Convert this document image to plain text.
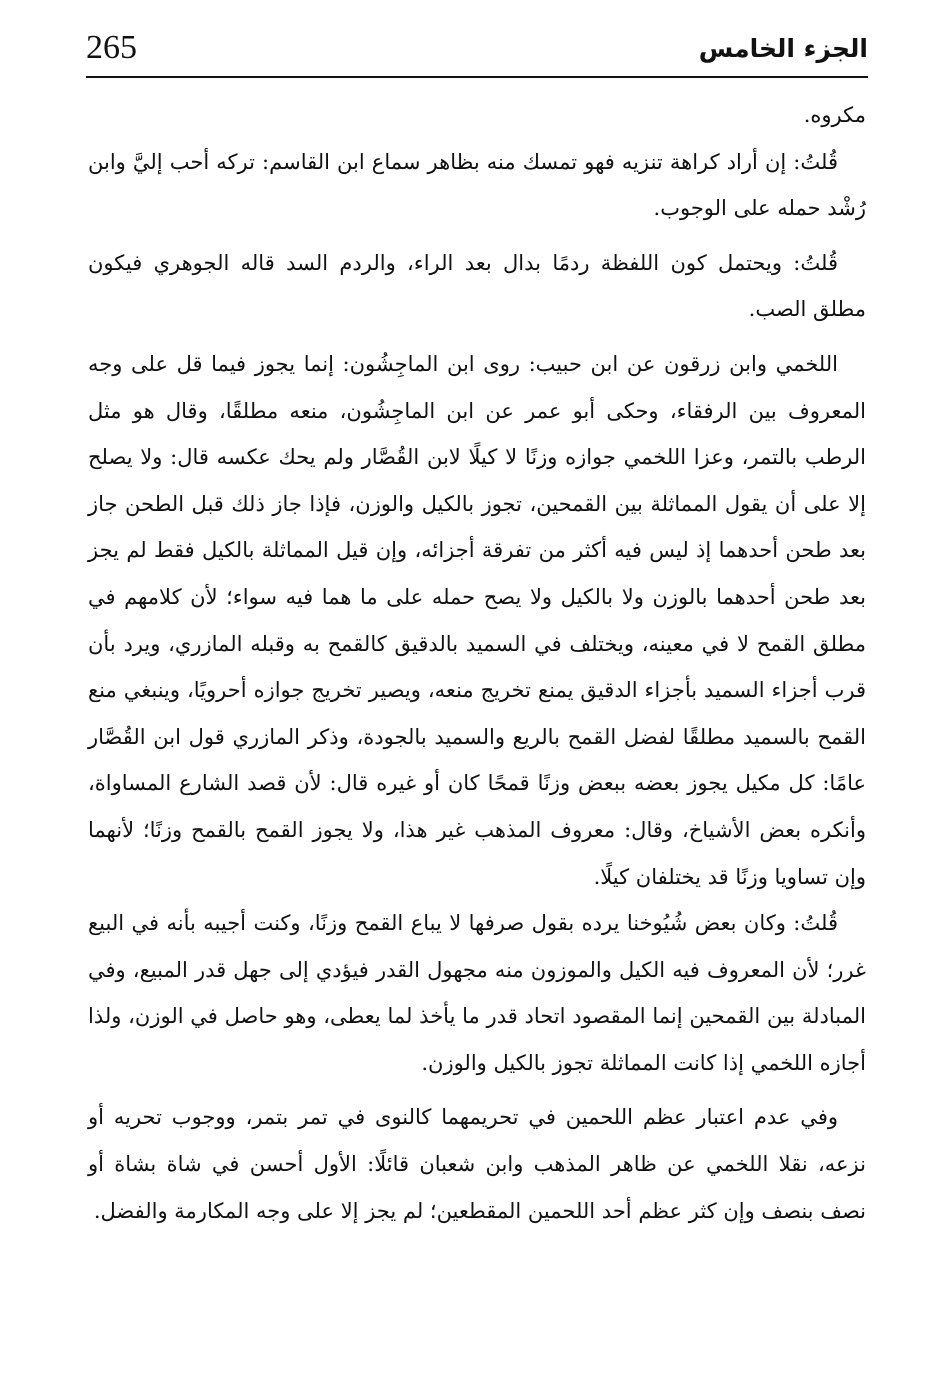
265	الجزء الخامس

مكروه.

قُلتُ: إن أراد كراهة تنزيه فهو تمسك منه بظاهر سماع ابن القاسم: تركه أحب إليَّ وابن رُشْد حمله على الوجوب.

قُلتُ: ويحتمل كون اللفظة ردمًا بدال بعد الراء، والردم السد قاله الجوهري فيكون مطلق الصب.

اللخمي وابن زرقون عن ابن حبيب: روى ابن الماجِشُون: إنما يجوز فيما قل على وجه المعروف بين الرفقاء، وحكى أبو عمر عن ابن الماجِشُون، منعه مطلقًا، وقال هو مثل الرطب بالتمر، وعزا اللخمي جوازه وزنًا لا كيلًا لابن القُصَّار ولم يحك عكسه قال: ولا يصلح إلا على أن يقول المماثلة بين القمحين، تجوز بالكيل والوزن، فإذا جاز ذلك قبل الطحن جاز بعد طحن أحدهما إذ ليس فيه أكثر من تفرقة أجزائه، وإن قيل المماثلة بالكيل فقط لم يجز بعد طحن أحدهما بالوزن ولا بالكيل ولا يصح حمله على ما هما فيه سواء؛ لأن كلامهم في مطلق القمح لا في معينه، ويختلف في السميد بالدقيق كالقمح به وقبله المازري، ويرد بأن قرب أجزاء السميد بأجزاء الدقيق يمنع تخريج منعه، ويصير تخريج جوازه أحرويًا، وينبغي منع القمح بالسميد مطلقًا لفضل القمح بالريع والسميد بالجودة، وذكر المازري قول ابن القُصَّار عامًا: كل مكيل يجوز بعضه ببعض وزنًا قمحًا كان أو غيره قال: لأن قصد الشارع المساواة، وأنكره بعض الأشياخ، وقال: معروف المذهب غير هذا، ولا يجوز القمح بالقمح وزنًا؛ لأنهما وإن تساويا وزنًا قد يختلفان كيلًا.

قُلتُ: وكان بعض شُيُوخنا يرده بقول صرفها لا يباع القمح وزنًا، وكنت أجيبه بأنه في البيع غرر؛ لأن المعروف فيه الكيل والموزون منه مجهول القدر فيؤدي إلى جهل قدر المبيع، وفي المبادلة بين القمحين إنما المقصود اتحاد قدر ما يأخذ لما يعطى، وهو حاصل في الوزن، ولذا أجازه اللخمي إذا كانت المماثلة تجوز بالكيل والوزن.

وفي عدم اعتبار عظم اللحمين في تحريمهما كالنوى في تمر بتمر، ووجوب تحريه أو نزعه، نقلا اللخمي عن ظاهر المذهب وابن شعبان قائلًا: الأول أحسن في شاة بشاة أو نصف بنصف وإن كثر عظم أحد اللحمين المقطعين؛ لم يجز إلا على وجه المكارمة والفضل.
